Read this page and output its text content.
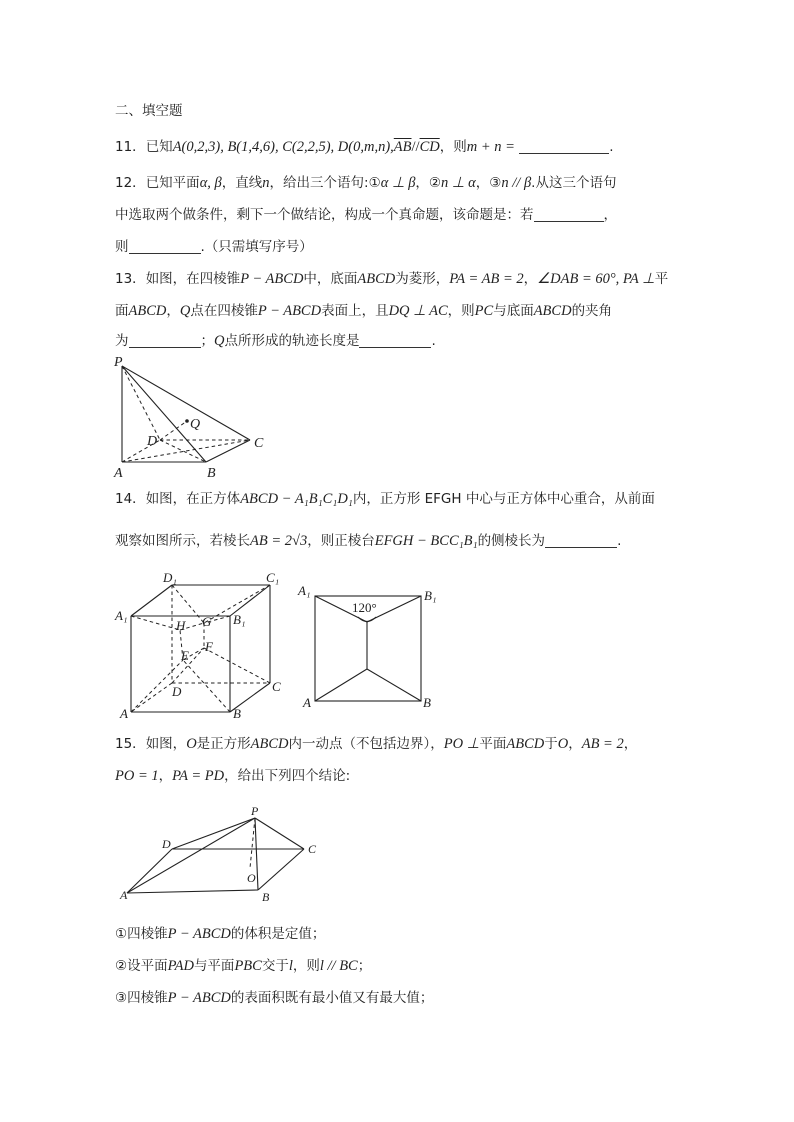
二、填空题
11．已知A(0,2,3), B(1,4,6), C(2,2,5), $D(0,m,n),\overline{AB}//\overline{CD}$，则m + n =	.
12．已知平面α, β，直线n，给出三个语句:①α ⊥ β，②n ⊥ α，③n // β.从这三个语句
中选取两个做条件，剩下一个做结论，构成一个真命题，该命题是：若	，
则	.（只需填写序号）
13．如图，在四棱锥P − ABCD中，底面ABCD为菱形，PA = AB = 2，∠DAB = 60°, PA ⊥平
面ABCD，Q点在四棱锥P − ABCD表面上，且DQ ⊥ AC，则PC与底面ABCD的夹角
为	；Q点所形成的轨迹长度是	.
P
Q
D	C
A	B
14．如图，在正方体ABCD − A₁B₁C₁D₁内，正方形 EFGH 中心与正方体中心重合，从前面
观察如图所示，若棱长AB = 2√3，则正棱台EFGH − BCC₁B₁的侧棱长为	.
D₁	C₁
A₁	B₁
H G
E
F
D	C
A	B
A₁	B₁
120°
A	B
15．如图，O是正方形ABCD内一动点（不包括边界），PO ⊥平面ABCD于O，AB = 2，
PO = 1，PA = PD，给出下列四个结论:
P
D	C
O
A	B
①四棱锥P − ABCD的体积是定值；
②设平面PAD与平面PBC交于l，则l // BC；
③四棱锥P − ABCD的表面积既有最小值又有最大值；
